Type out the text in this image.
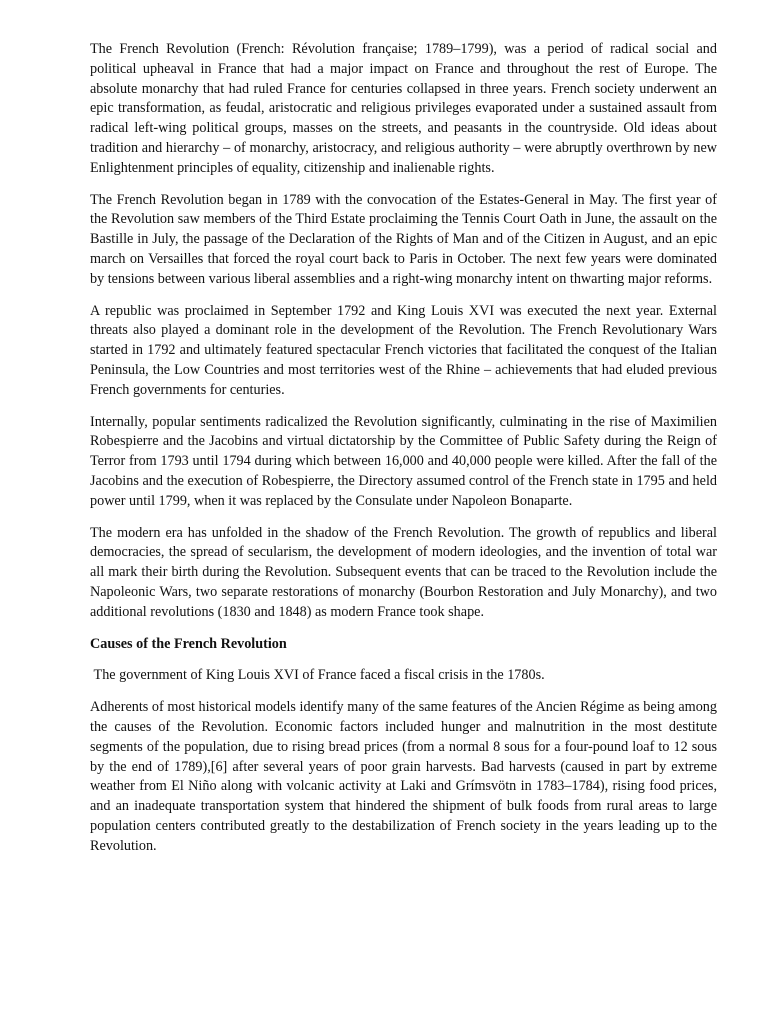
The French Revolution (French: Révolution française; 1789–1799), was a period of radical social and political upheaval in France that had a major impact on France and throughout the rest of Europe. The absolute monarchy that had ruled France for centuries collapsed in three years. French society underwent an epic transformation, as feudal, aristocratic and religious privileges evaporated under a sustained assault from radical left-wing political groups, masses on the streets, and peasants in the countryside. Old ideas about tradition and hierarchy – of monarchy, aristocracy, and religious authority – were abruptly overthrown by new Enlightenment principles of equality, citizenship and inalienable rights.

The French Revolution began in 1789 with the convocation of the Estates-General in May. The first year of the Revolution saw members of the Third Estate proclaiming the Tennis Court Oath in June, the assault on the Bastille in July, the passage of the Declaration of the Rights of Man and of the Citizen in August, and an epic march on Versailles that forced the royal court back to Paris in October. The next few years were dominated by tensions between various liberal assemblies and a right-wing monarchy intent on thwarting major reforms.

A republic was proclaimed in September 1792 and King Louis XVI was executed the next year. External threats also played a dominant role in the development of the Revolution. The French Revolutionary Wars started in 1792 and ultimately featured spectacular French victories that facilitated the conquest of the Italian Peninsula, the Low Countries and most territories west of the Rhine – achievements that had eluded previous French governments for centuries.

Internally, popular sentiments radicalized the Revolution significantly, culminating in the rise of Maximilien Robespierre and the Jacobins and virtual dictatorship by the Committee of Public Safety during the Reign of Terror from 1793 until 1794 during which between 16,000 and 40,000 people were killed. After the fall of the Jacobins and the execution of Robespierre, the Directory assumed control of the French state in 1795 and held power until 1799, when it was replaced by the Consulate under Napoleon Bonaparte.

The modern era has unfolded in the shadow of the French Revolution. The growth of republics and liberal democracies, the spread of secularism, the development of modern ideologies, and the invention of total war all mark their birth during the Revolution. Subsequent events that can be traced to the Revolution include the Napoleonic Wars, two separate restorations of monarchy (Bourbon Restoration and July Monarchy), and two additional revolutions (1830 and 1848) as modern France took shape.

Causes of the French Revolution

The government of King Louis XVI of France faced a fiscal crisis in the 1780s.

Adherents of most historical models identify many of the same features of the Ancien Régime as being among the causes of the Revolution. Economic factors included hunger and malnutrition in the most destitute segments of the population, due to rising bread prices (from a normal 8 sous for a four-pound loaf to 12 sous by the end of 1789),[6] after several years of poor grain harvests. Bad harvests (caused in part by extreme weather from El Niño along with volcanic activity at Laki and Grímsvötn in 1783–1784), rising food prices, and an inadequate transportation system that hindered the shipment of bulk foods from rural areas to large population centers contributed greatly to the destabilization of French society in the years leading up to the Revolution.
